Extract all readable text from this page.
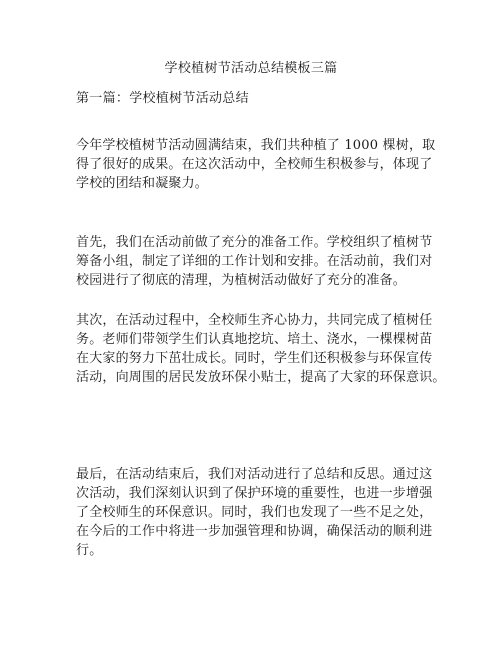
学校植树节活动总结模板三篇
第一篇：学校植树节活动总结
今年学校植树节活动圆满结束，我们共种植了 1000 棵树，取
得了很好的成果。在这次活动中，全校师生积极参与，体现了
学校的团结和凝聚力。
首先，我们在活动前做了充分的准备工作。学校组织了植树节
筹备小组，制定了详细的工作计划和安排。在活动前，我们对
校园进行了彻底的清理，为植树活动做好了充分的准备。
其次，在活动过程中，全校师生齐心协力，共同完成了植树任
务。老师们带领学生们认真地挖坑、培土、浇水，一棵棵树苗
在大家的努力下茁壮成长。同时，学生们还积极参与环保宣传
活动，向周围的居民发放环保小贴士，提高了大家的环保意识。
最后，在活动结束后，我们对活动进行了总结和反思。通过这
次活动，我们深刻认识到了保护环境的重要性，也进一步增强
了全校师生的环保意识。同时，我们也发现了一些不足之处，
在今后的工作中将进一步加强管理和协调，确保活动的顺利进
行。
